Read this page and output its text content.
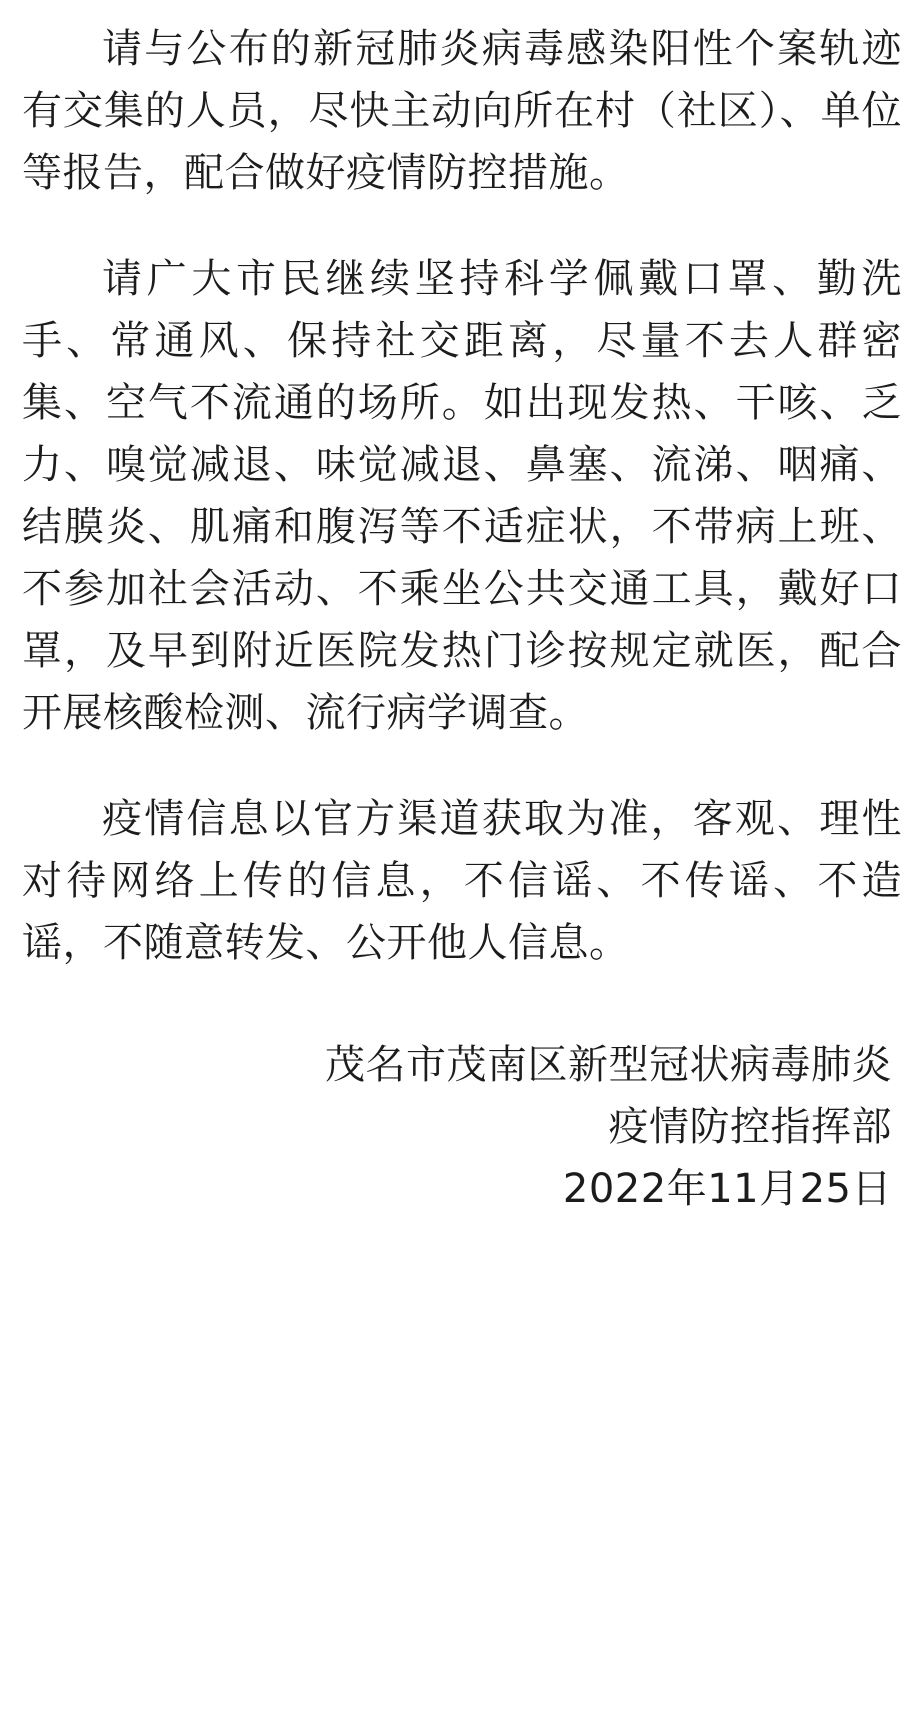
请与公布的新冠肺炎病毒感染阳性个案轨迹有交集的人员，尽快主动向所在村（社区）、单位等报告，配合做好疫情防控措施。

请广大市民继续坚持科学佩戴口罩、勤洗手、常通风、保持社交距离，尽量不去人群密集、空气不流通的场所。如出现发热、干咳、乏力、嗅觉减退、味觉减退、鼻塞、流涕、咽痛、结膜炎、肌痛和腹泻等不适症状，不带病上班、不参加社会活动、不乘坐公共交通工具，戴好口罩，及早到附近医院发热门诊按规定就医，配合开展核酸检测、流行病学调查。

疫情信息以官方渠道获取为准，客观、理性对待网络上传的信息，不信谣、不传谣、不造谣，不随意转发、公开他人信息。

茂名市茂南区新型冠状病毒肺炎
疫情防控指挥部
2022年11月25日
